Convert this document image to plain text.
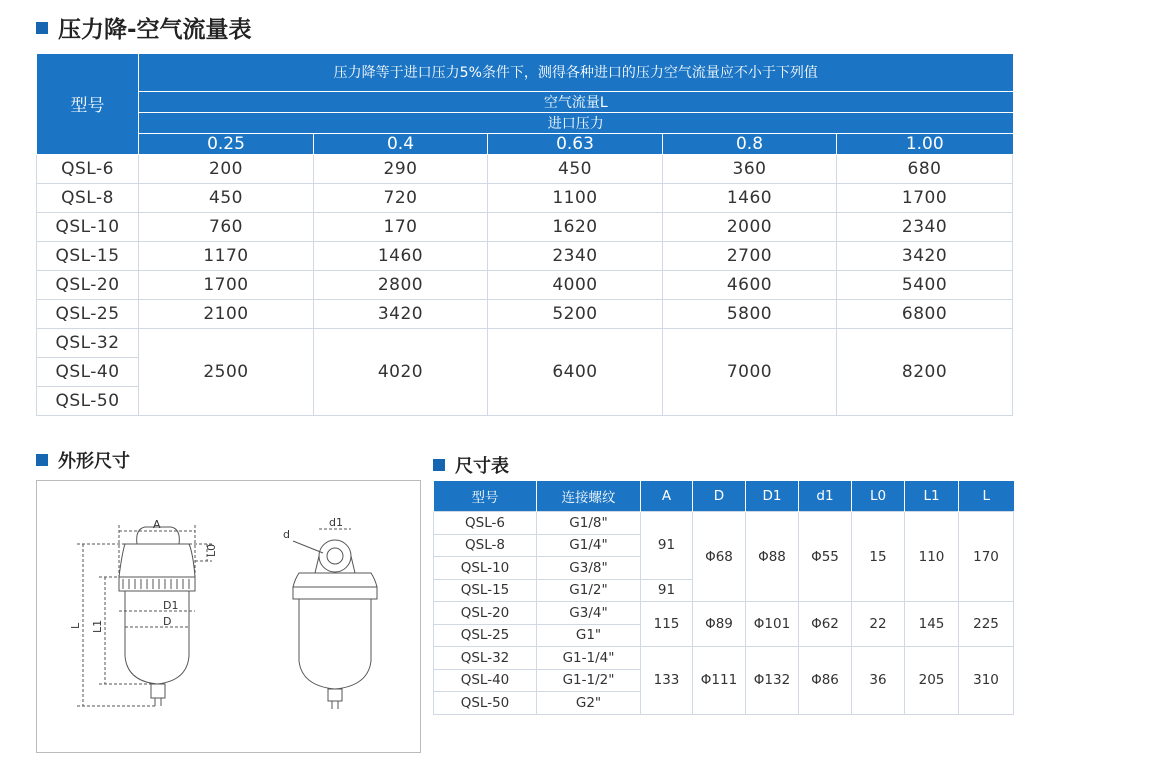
压力降-空气流量表
型号	压力降等于进口压力5%条件下，测得各种进口的压力空气流量应不小于下列值				
	空气流量L				
	进口压力				
	0.25	0.4	0.63	0.8	1.00
QSL-6	200	290	450	360	680
QSL-8	450	720	1100	1460	1700
QSL-10	760	170	1620	2000	2340
QSL-15	1170	1460	2340	2700	3420
QSL-20	1700	2800	4000	4600	5400
QSL-25	2100	3420	5200	5800	6800
QSL-32	2500	4020	6400	7000	8200
QSL-40					
QSL-50					
外形尺寸
A
D1
D
L0
L L1
d1
d
尺寸表
型号	连接螺纹	A	D	D1	d1	L0	L1	L
QSL-6	G1/8"	91	Φ68	Φ88	Φ55	15	110	170
QSL-8	G1/4"							
QSL-10	G3/8"							
QSL-15	G1/2"	91						
QSL-20	G3/4"	115	Φ89	Φ101	Φ62	22	145	225
QSL-25	G1"							
QSL-32	G1-1/4"	133	Φ111	Φ132	Φ86	36	205	310
QSL-40	G1-1/2"							
QSL-50	G2"							
